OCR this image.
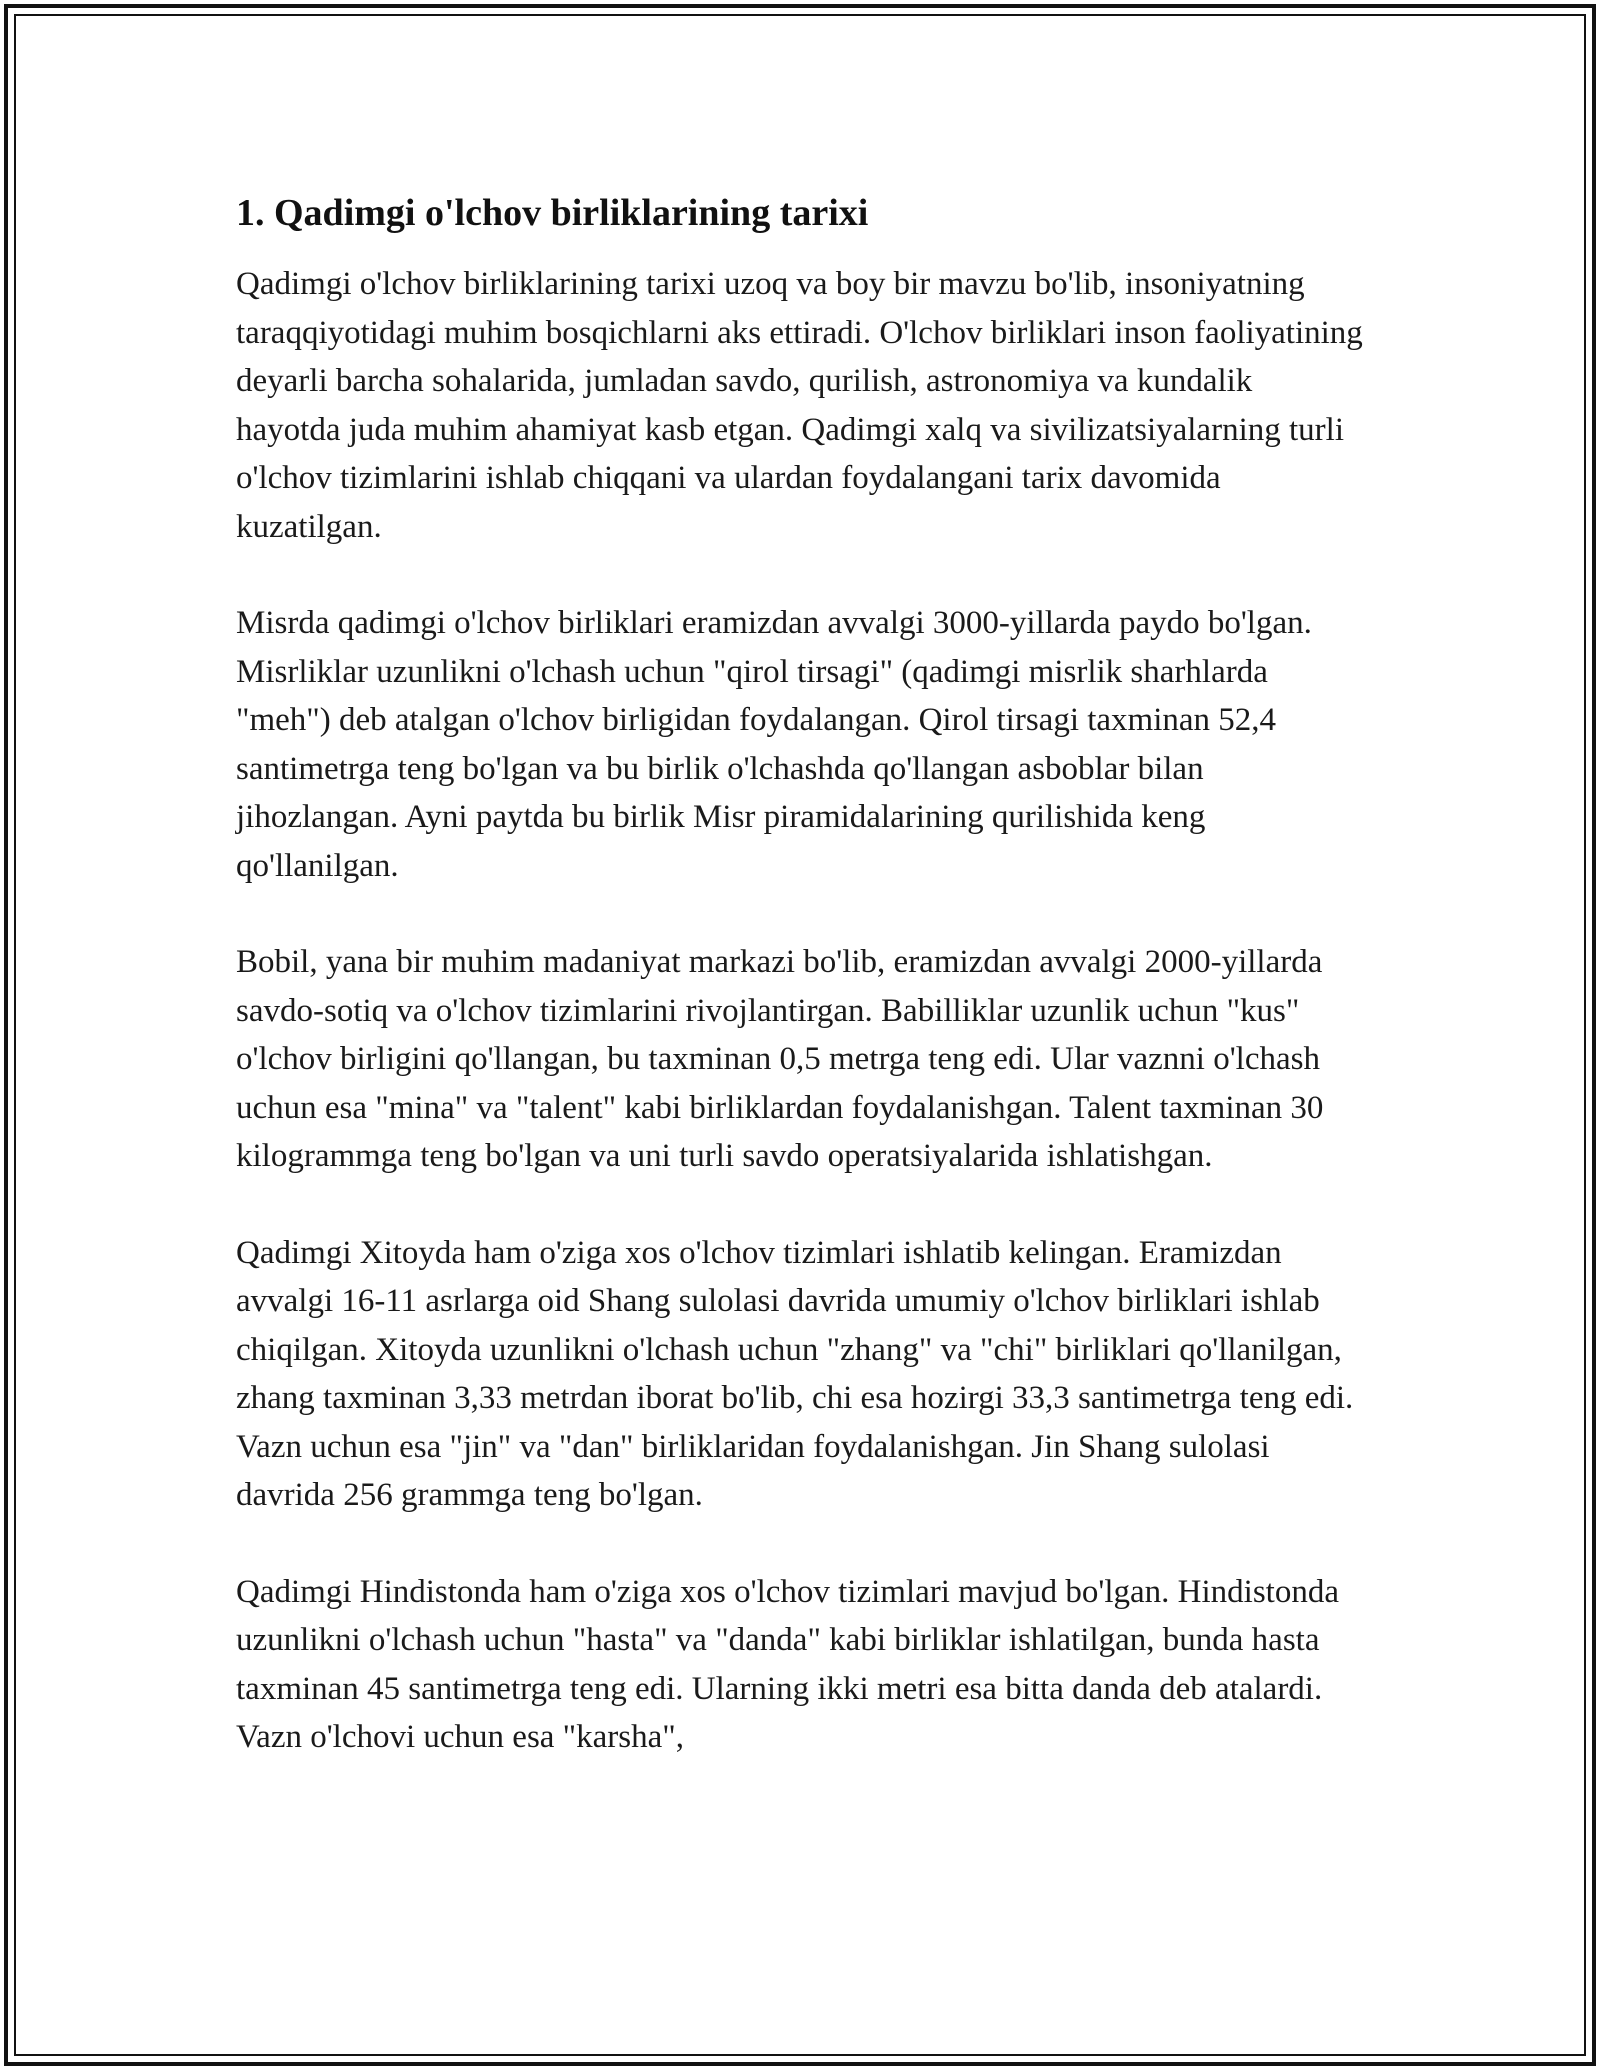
1. Qadimgi o'lchov birliklarining tarixi

Qadimgi o'lchov birliklarining tarixi uzoq va boy bir mavzu bo'lib, insoniyatning taraqqiyotidagi muhim bosqichlarni aks ettiradi. O'lchov birliklari inson faoliyatining deyarli barcha sohalarida, jumladan savdo, qurilish, astronomiya va kundalik hayotda juda muhim ahamiyat kasb etgan. Qadimgi xalq va sivilizatsiyalarning turli o'lchov tizimlarini ishlab chiqqani va ulardan foydalangani tarix davomida kuzatilgan.

Misrda qadimgi o'lchov birliklari eramizdan avvalgi 3000-yillarda paydo bo'lgan. Misrliklar uzunlikni o'lchash uchun "qirol tirsagi" (qadimgi misrlik sharhlarda "meh") deb atalgan o'lchov birligidan foydalangan. Qirol tirsagi taxminan 52,4 santimetrga teng bo'lgan va bu birlik o'lchashda qo'llangan asboblar bilan jihozlangan. Ayni paytda bu birlik Misr piramidalarining qurilishida keng qo'llanilgan.

Bobil, yana bir muhim madaniyat markazi bo'lib, eramizdan avvalgi 2000-yillarda savdo-sotiq va o'lchov tizimlarini rivojlantirgan. Babilliklar uzunlik uchun "kus" o'lchov birligini qo'llangan, bu taxminan 0,5 metrga teng edi. Ular vaznni o'lchash uchun esa "mina" va "talent" kabi birliklardan foydalanishgan. Talent taxminan 30 kilogrammga teng bo'lgan va uni turli savdo operatsiyalarida ishlatishgan.

Qadimgi Xitoyda ham o'ziga xos o'lchov tizimlari ishlatib kelingan. Eramizdan avvalgi 16-11 asrlarga oid Shang sulolasi davrida umumiy o'lchov birliklari ishlab chiqilgan. Xitoyda uzunlikni o'lchash uchun "zhang" va "chi" birliklari qo'llanilgan, zhang taxminan 3,33 metrdan iborat bo'lib, chi esa hozirgi 33,3 santimetrga teng edi. Vazn uchun esa "jin" va "dan" birliklaridan foydalanishgan. Jin Shang sulolasi davrida 256 grammga teng bo'lgan.

Qadimgi Hindistonda ham o'ziga xos o'lchov tizimlari mavjud bo'lgan. Hindistonda uzunlikni o'lchash uchun "hasta" va "danda" kabi birliklar ishlatilgan, bunda hasta taxminan 45 santimetrga teng edi. Ularning ikki metri esa bitta danda deb atalardi. Vazn o'lchovi uchun esa "karsha",
